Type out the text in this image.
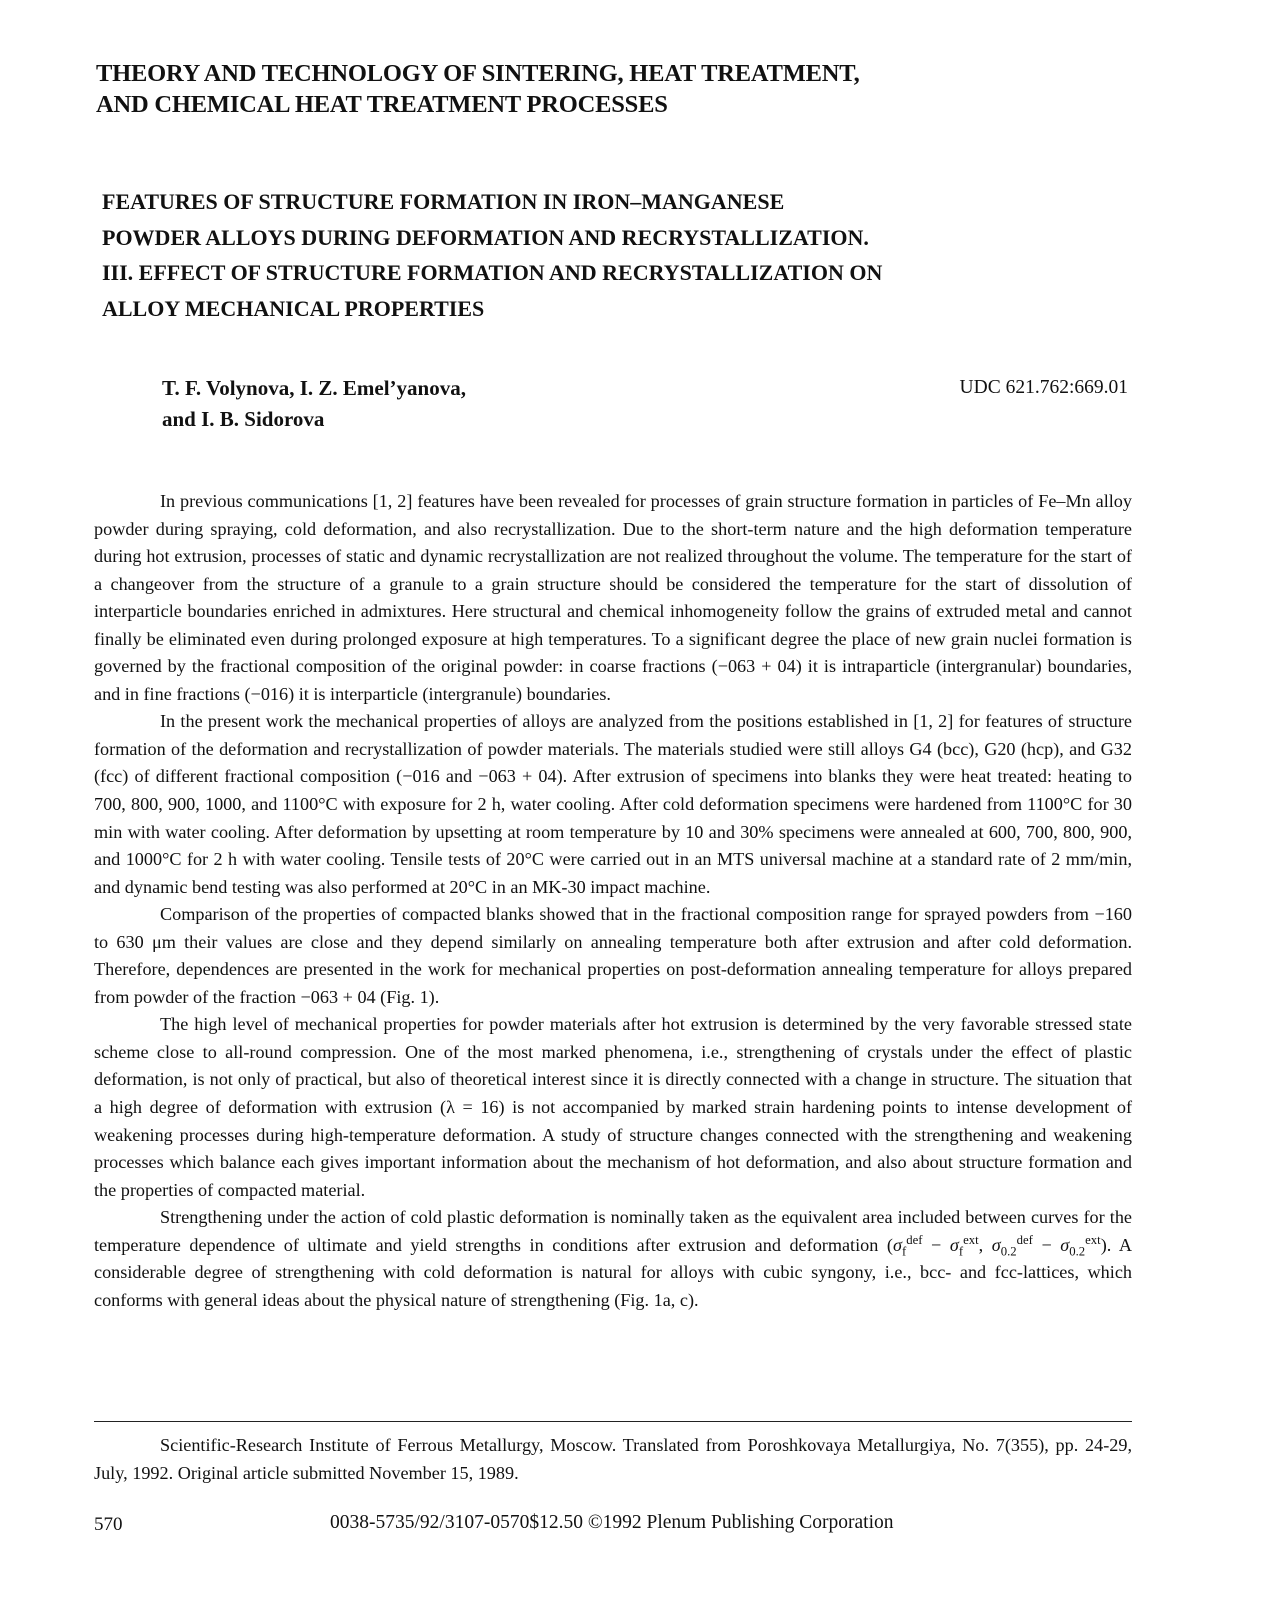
THEORY AND TECHNOLOGY OF SINTERING, HEAT TREATMENT,
AND CHEMICAL HEAT TREATMENT PROCESSES
FEATURES OF STRUCTURE FORMATION IN IRON–MANGANESE
POWDER ALLOYS DURING DEFORMATION AND RECRYSTALLIZATION.
III. EFFECT OF STRUCTURE FORMATION AND RECRYSTALLIZATION ON
ALLOY MECHANICAL PROPERTIES
T. F. Volynova, I. Z. Emel’yanova,
and I. B. Sidorova
UDC 621.762:669.01

In previous communications [1, 2] features have been revealed for processes of grain structure formation in particles of Fe–Mn alloy powder during spraying, cold deformation, and also recrystallization. Due to the short-term nature and the high deformation temperature during hot extrusion, processes of static and dynamic recrystallization are not realized throughout the volume. The temperature for the start of a changeover from the structure of a granule to a grain structure should be considered the temperature for the start of dissolution of interparticle boundaries enriched in admixtures. Here structural and chemical inhomogeneity follow the grains of extruded metal and cannot finally be eliminated even during prolonged exposure at high temperatures. To a significant degree the place of new grain nuclei formation is governed by the fractional composition of the original powder: in coarse fractions (−063 + 04) it is intraparticle (intergranular) boundaries, and in fine fractions (−016) it is interparticle (intergranule) boundaries.

In the present work the mechanical properties of alloys are analyzed from the positions established in [1, 2] for features of structure formation of the deformation and recrystallization of powder materials. The materials studied were still alloys G4 (bcc), G20 (hcp), and G32 (fcc) of different fractional composition (−016 and −063 + 04). After extrusion of specimens into blanks they were heat treated: heating to 700, 800, 900, 1000, and 1100°C with exposure for 2 h, water cooling. After cold deformation specimens were hardened from 1100°C for 30 min with water cooling. After deformation by upsetting at room temperature by 10 and 30% specimens were annealed at 600, 700, 800, 900, and 1000°C for 2 h with water cooling. Tensile tests of 20°C were carried out in an MTS universal machine at a standard rate of 2 mm/min, and dynamic bend testing was also performed at 20°C in an MK-30 impact machine.

Comparison of the properties of compacted blanks showed that in the fractional composition range for sprayed powders from −160 to 630 μm their values are close and they depend similarly on annealing temperature both after extrusion and after cold deformation. Therefore, dependences are presented in the work for mechanical properties on post-deformation annealing temperature for alloys prepared from powder of the fraction −063 + 04 (Fig. 1).

The high level of mechanical properties for powder materials after hot extrusion is determined by the very favorable stressed state scheme close to all-round compression. One of the most marked phenomena, i.e., strengthening of crystals under the effect of plastic deformation, is not only of practical, but also of theoretical interest since it is directly connected with a change in structure. The situation that a high degree of deformation with extrusion (λ = 16) is not accompanied by marked strain hardening points to intense development of weakening processes during high-temperature deformation. A study of structure changes connected with the strengthening and weakening processes which balance each gives important information about the mechanism of hot deformation, and also about structure formation and the properties of compacted material.

Strengthening under the action of cold plastic deformation is nominally taken as the equivalent area included between curves for the temperature dependence of ultimate and yield strengths in conditions after extrusion and deformation ($\sigma_f^{def} - \sigma_f^{ext}$, $\sigma_{0.2}^{def} - \sigma_{0.2}^{ext}$). A considerable degree of strengthening with cold deformation is natural for alloys with cubic syngony, i.e., bcc- and fcc-lattices, which conforms with general ideas about the physical nature of strengthening (Fig. 1a, c).

Scientific-Research Institute of Ferrous Metallurgy, Moscow. Translated from Poroshkovaya Metallurgiya, No. 7(355), pp. 24-29, July, 1992. Original article submitted November 15, 1989.

570	0038-5735/92/3107-0570$12.50 ©1992 Plenum Publishing Corporation
